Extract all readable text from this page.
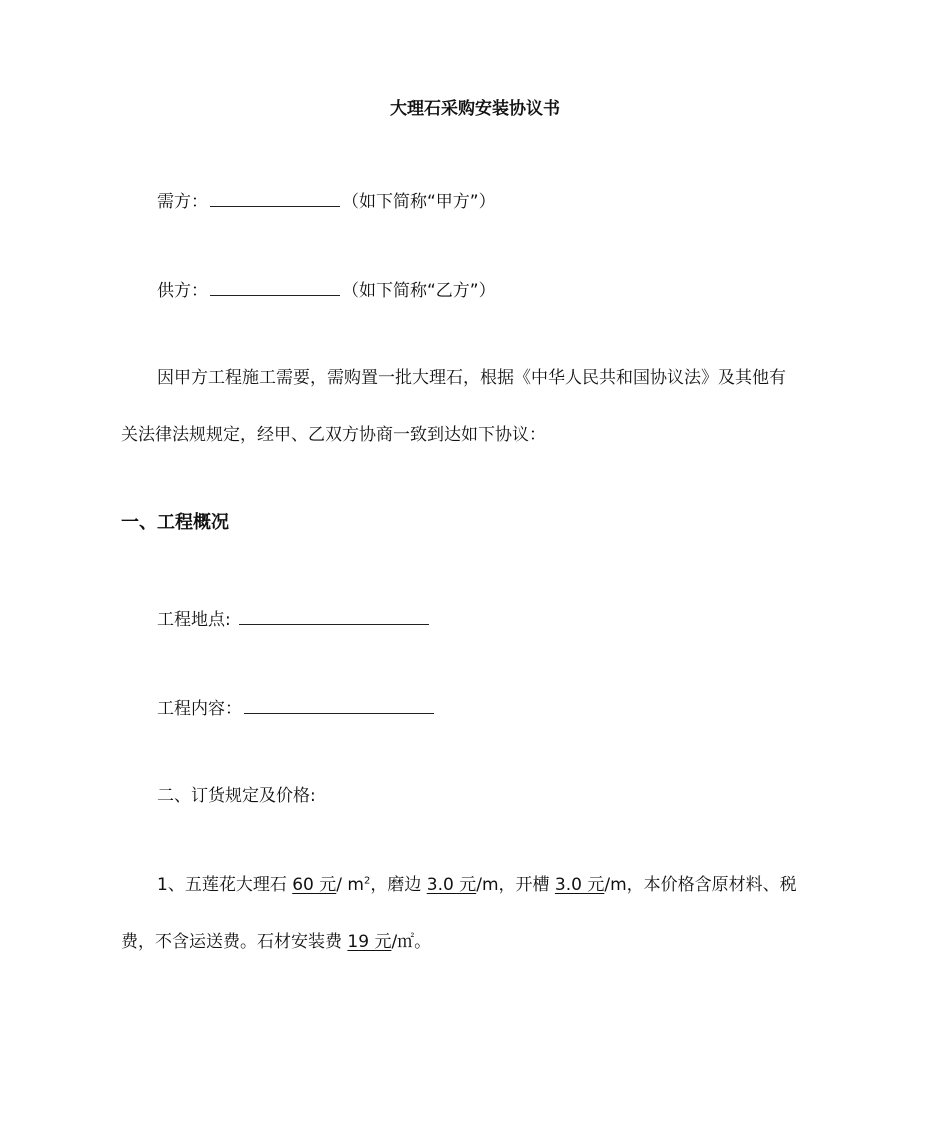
大理石采购安装协议书
需方：	（如下简称“甲方”）
供方：	（如下简称“乙方”）
因甲方工程施工需要，需购置一批大理石，根据《中华人民共和国协议法》及其他有
关法律法规规定，经甲、乙双方协商一致到达如下协议：
一、工程概况
工程地点:
工程内容：
二、订货规定及价格:
1、五莲花大理石 60 元/ $m^2$，磨边 3.0 元/m，开槽 3.0 元/m，本价格含原材料、税
费，不含运送费。石材安装费 19 元/㎡。
